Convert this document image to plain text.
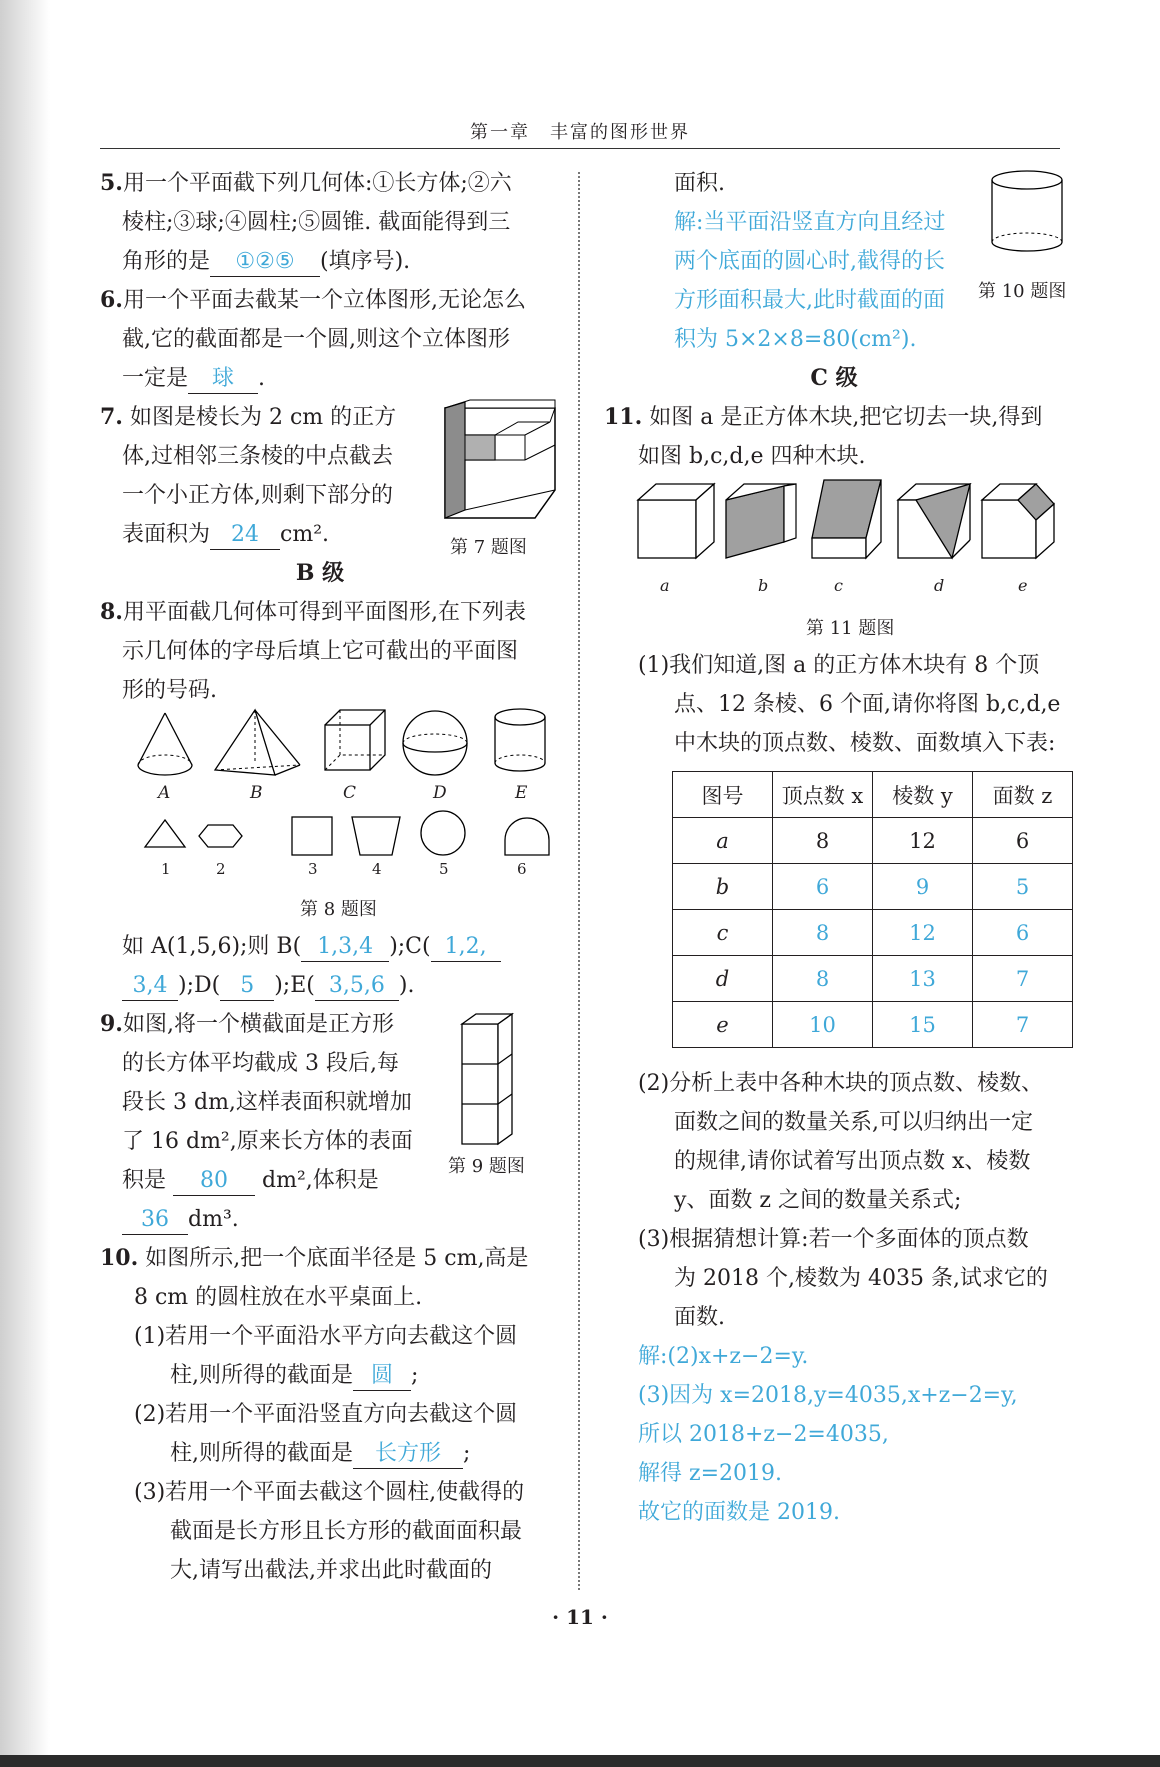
第一章　丰富的图形世界

5.用一个平面截下列几何体:①长方体;②六

棱柱;③球;④圆柱;⑤圆锥. 截面能得到三

角形的是 ①②⑤ (填序号).

6.用一个平面去截某一个立体图形,无论怎么

截,它的截面都是一个圆,则这个立体图形

一定是 球 .

7. 如图是棱长为 2 cm 的正方

体,过相邻三条棱的中点截去

一个小正方体,则剩下部分的

表面积为 24 cm².

B 级

8.用平面截几何体可得到平面图形,在下列表

示几何体的字母后填上它可截出的平面图

形的号码.

第 7 题图
A	B	C	D	E
1	2	3	4	5	6
第 8 题图

如 A(1,5,6);则 B( 1,3,4 );C( 1,2,

3,4 );D( 5 );E( 3,5,6 ).

9.如图,将一个横截面是正方形

的长方体平均截成 3 段后,每

段长 3 dm,这样表面积就增加

了 16 dm²,原来长方体的表面

积是 80 dm²,体积是

36 dm³.

10. 如图所示,把一个底面半径是 5 cm,高是

8 cm 的圆柱放在水平桌面上.

(1)若用一个平面沿水平方向去截这个圆

柱,则所得的截面是 圆 ;

(2)若用一个平面沿竖直方向去截这个圆

柱,则所得的截面是 长方形 ;

(3)若用一个平面去截这个圆柱,使截得的

截面是长方形且长方形的截面面积最

大,请写出截法,并求出此时截面的

第 9 题图

面积.

解:当平面沿竖直方向且经过

两个底面的圆心时,截得的长

方形面积最大,此时截面的面

积为 5×2×8=80(cm²).

C 级

11. 如图 a 是正方体木块,把它切去一块,得到

如图 b,c,d,e 四种木块.

第 10 题图
a	b	c	d	e
第 11 题图

(1)我们知道,图 a 的正方体木块有 8 个顶

点、12 条棱、6 个面,请你将图 b,c,d,e

中木块的顶点数、棱数、面数填入下表:

图号	顶点数 x	棱数 y	面数 z
a	8	12	6
b	6	9	5
c	8	12	6
d	8	13	7
e	10	15	7

(2)分析上表中各种木块的顶点数、棱数、

面数之间的数量关系,可以归纳出一定

的规律,请你试着写出顶点数 x、棱数

y、面数 z 之间的数量关系式;

(3)根据猜想计算:若一个多面体的顶点数

为 2018 个,棱数为 4035 条,试求它的

面数.

解:(2)x+z−2=y.

(3)因为 x=2018,y=4035,x+z−2=y,

所以 2018+z−2=4035,

解得 z=2019.

故它的面数是 2019.

· 11 ·
